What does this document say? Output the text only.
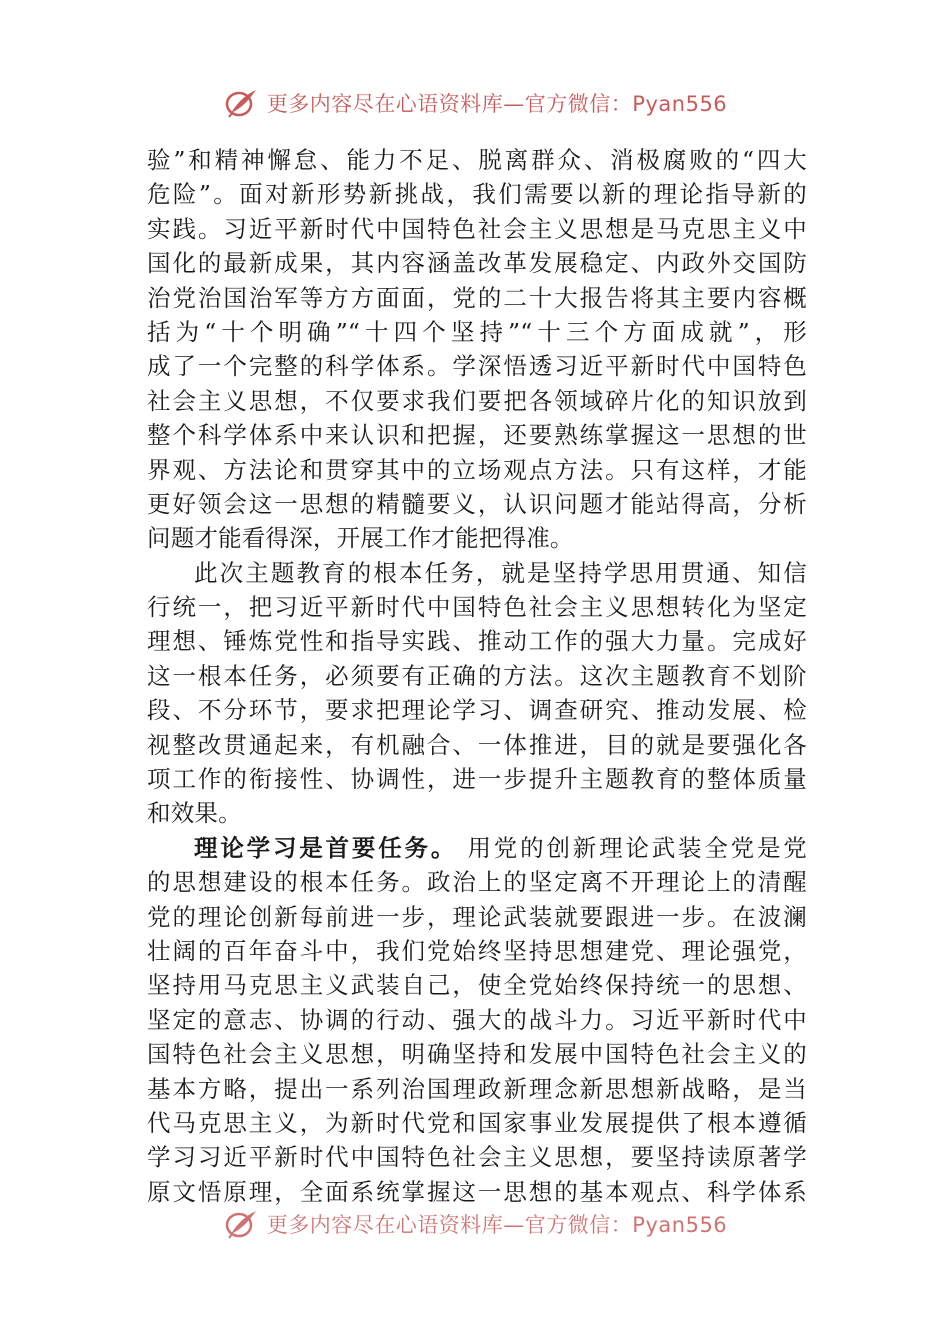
更多内容尽在心语资料库—官方微信：Pyan556
验”和精神懈怠、能力不足、脱离群众、消极腐败的“四大
危险”。面对新形势新挑战，我们需要以新的理论指导新的
实践。习近平新时代中国特色社会主义思想是马克思主义中
国化的最新成果，其内容涵盖改革发展稳定、内政外交国防
治党治国治军等方方面面，党的二十大报告将其主要内容概
括为“十个明确”“十四个坚持”“十三个方面成就”，形
成了一个完整的科学体系。学深悟透习近平新时代中国特色
社会主义思想，不仅要求我们要把各领域碎片化的知识放到
整个科学体系中来认识和把握，还要熟练掌握这一思想的世
界观、方法论和贯穿其中的立场观点方法。只有这样，才能
更好领会这一思想的精髓要义，认识问题才能站得高，分析
问题才能看得深，开展工作才能把得准。
此次主题教育的根本任务，就是坚持学思用贯通、知信
行统一，把习近平新时代中国特色社会主义思想转化为坚定
理想、锤炼党性和指导实践、推动工作的强大力量。完成好
这一根本任务，必须要有正确的方法。这次主题教育不划阶
段、不分环节，要求把理论学习、调查研究、推动发展、检
视整改贯通起来，有机融合、一体推进，目的就是要强化各
项工作的衔接性、协调性，进一步提升主题教育的整体质量
和效果。
理论学习是首要任务。 用党的创新理论武装全党是党
的思想建设的根本任务。政治上的坚定离不开理论上的清醒
党的理论创新每前进一步，理论武装就要跟进一步。在波澜
壮阔的百年奋斗中，我们党始终坚持思想建党、理论强党，
坚持用马克思主义武装自己，使全党始终保持统一的思想、
坚定的意志、协调的行动、强大的战斗力。习近平新时代中
国特色社会主义思想，明确坚持和发展中国特色社会主义的
基本方略，提出一系列治国理政新理念新思想新战略，是当
代马克思主义，为新时代党和国家事业发展提供了根本遵循
学习习近平新时代中国特色社会主义思想，要坚持读原著学
原文悟原理，全面系统掌握这一思想的基本观点、科学体系
更多内容尽在心语资料库—官方微信：Pyan556
